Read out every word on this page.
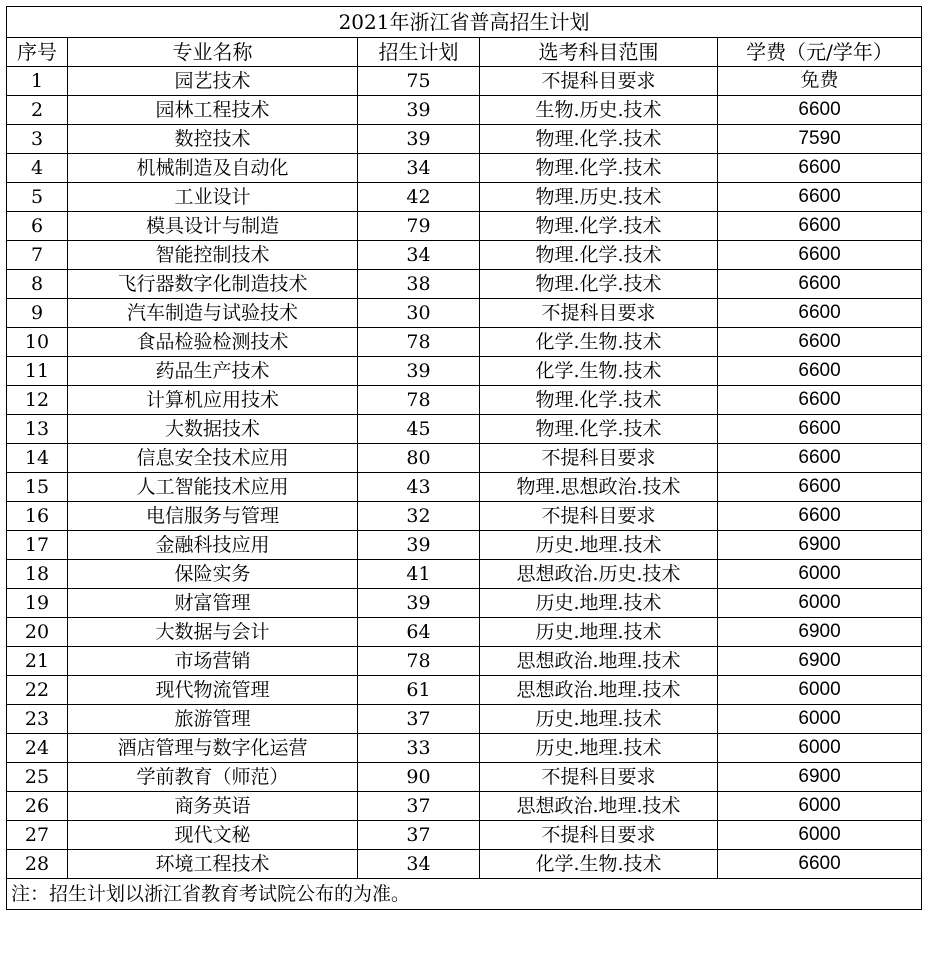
2021年浙江省普高招生计划				
序号	专业名称	招生计划	选考科目范围	学费（元/学年）
1	园艺技术	75	不提科目要求	免费
2	园林工程技术	39	生物.历史.技术	6600
3	数控技术	39	物理.化学.技术	7590
4	机械制造及自动化	34	物理.化学.技术	6600
5	工业设计	42	物理.历史.技术	6600
6	模具设计与制造	79	物理.化学.技术	6600
7	智能控制技术	34	物理.化学.技术	6600
8	飞行器数字化制造技术	38	物理.化学.技术	6600
9	汽车制造与试验技术	30	不提科目要求	6600
10	食品检验检测技术	78	化学.生物.技术	6600
11	药品生产技术	39	化学.生物.技术	6600
12	计算机应用技术	78	物理.化学.技术	6600
13	大数据技术	45	物理.化学.技术	6600
14	信息安全技术应用	80	不提科目要求	6600
15	人工智能技术应用	43	物理.思想政治.技术	6600
16	电信服务与管理	32	不提科目要求	6600
17	金融科技应用	39	历史.地理.技术	6900
18	保险实务	41	思想政治.历史.技术	6000
19	财富管理	39	历史.地理.技术	6000
20	大数据与会计	64	历史.地理.技术	6900
21	市场营销	78	思想政治.地理.技术	6900
22	现代物流管理	61	思想政治.地理.技术	6000
23	旅游管理	37	历史.地理.技术	6000
24	酒店管理与数字化运营	33	历史.地理.技术	6000
25	学前教育（师范）	90	不提科目要求	6900
26	商务英语	37	思想政治.地理.技术	6000
27	现代文秘	37	不提科目要求	6000
28	环境工程技术	34	化学.生物.技术	6600
注：招生计划以浙江省教育考试院公布的为准。				
